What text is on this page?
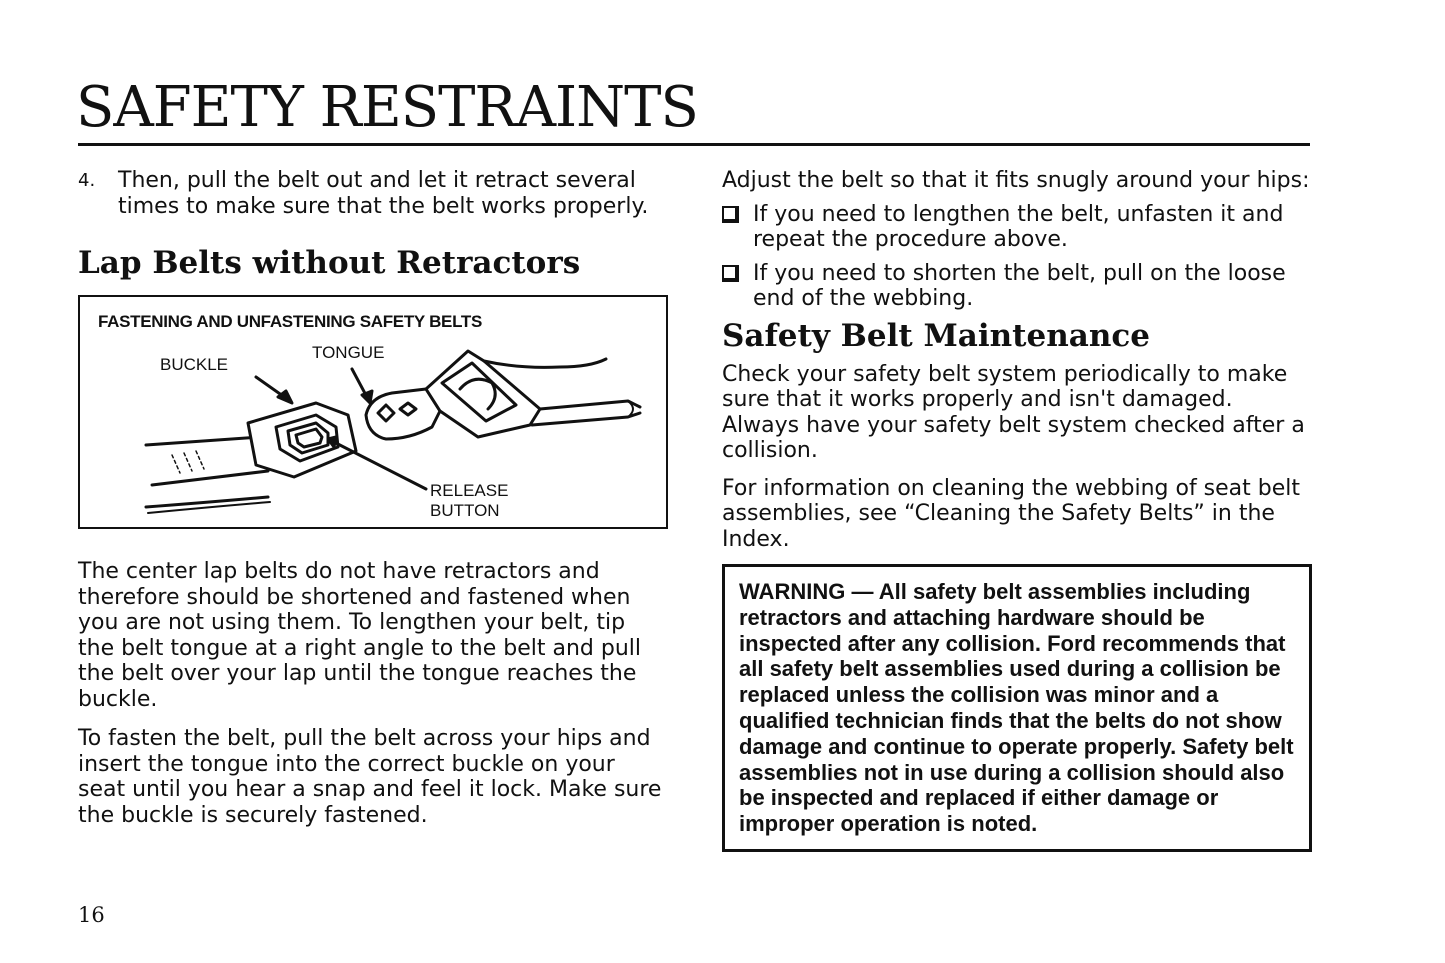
SAFETY RESTRAINTS
4.	Then, pull the belt out and let it retract several times to make sure that the belt works properly.
Lap Belts without Retractors
FASTENING AND UNFASTENING SAFETY BELTS
BUCKLE
TONGUE
RELEASE
BUTTON

The center lap belts do not have retractors and therefore should be shortened and fastened when you are not using them. To lengthen your belt, tip the belt tongue at a right angle to the belt and pull the belt over your lap until the tongue reaches the buckle.

To fasten the belt, pull the belt across your hips and insert the tongue into the correct buckle on your seat until you hear a snap and feel it lock. Make sure the buckle is securely fastened.

Adjust the belt so that it fits snugly around your hips:

If you need to lengthen the belt, unfasten it and repeat the procedure above.
If you need to shorten the belt, pull on the loose end of the webbing.
Safety Belt Maintenance

Check your safety belt system periodically to make sure that it works properly and isn't damaged. Always have your safety belt system checked after a collision.

For information on cleaning the webbing of seat belt assemblies, see “Cleaning the Safety Belts” in the Index.

WARNING — All safety belt assemblies including retractors and attaching hardware should be inspected after any collision. Ford recommends that all safety belt assemblies used during a collision be replaced unless the collision was minor and a qualified technician finds that the belts do not show damage and continue to operate properly. Safety belt assemblies not in use during a collision should also be inspected and replaced if either damage or improper operation is noted.
16
